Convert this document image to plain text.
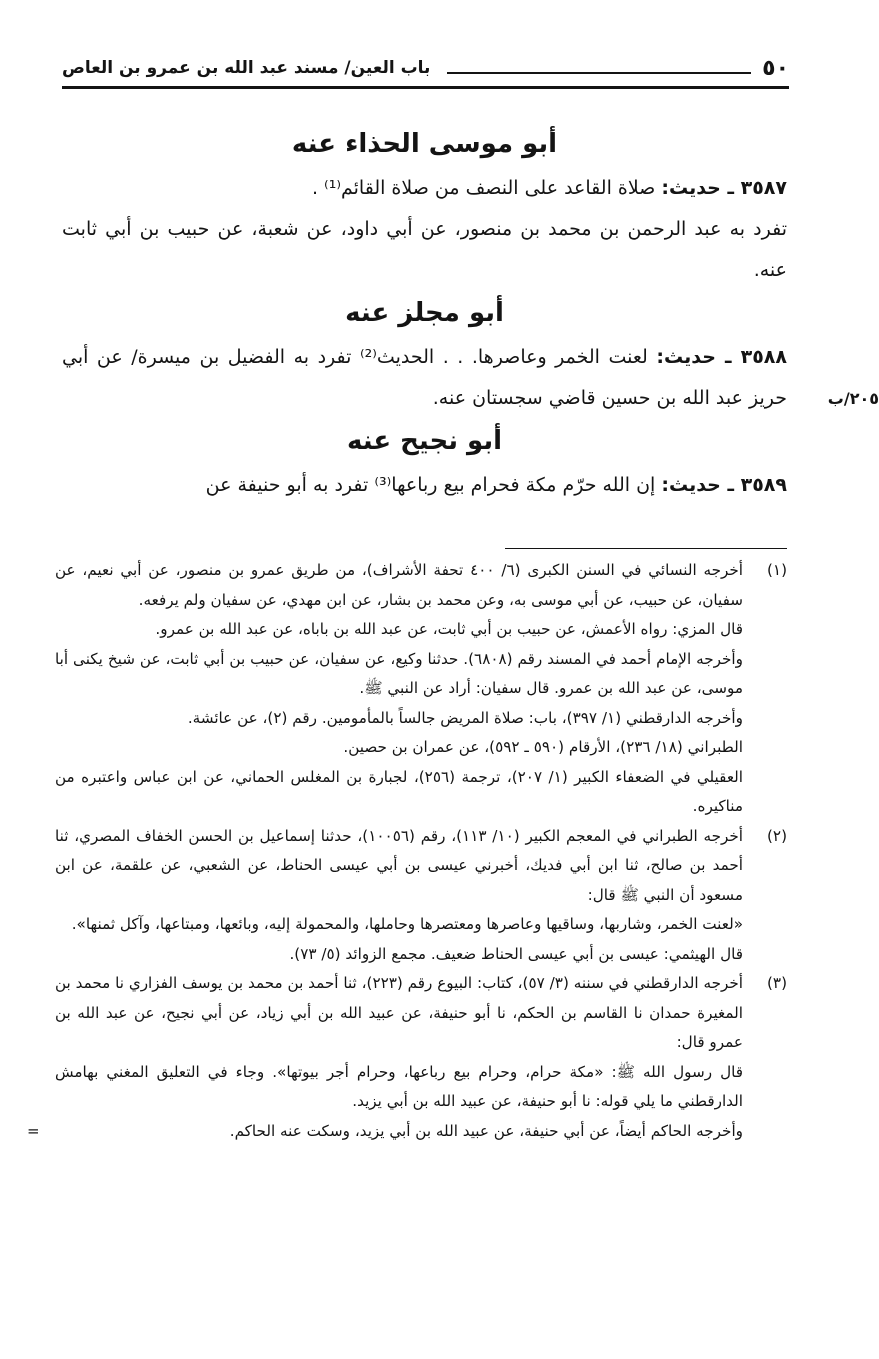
٥٠
باب العين/ مسند عبد الله بن عمرو بن العاص
أبو موسى الحذاء عنه

٣٥٨٧ ـ حديث: صلاة القاعد على النصف من صلاة القائم⁽¹⁾ .

تفرد به عبد الرحمن بن محمد بن منصور، عن أبي داود، عن شعبة، عن حبيب بن أبي ثابت عنه.

أبو مجلز عنه

٢٠٥/ب
٣٥٨٨ ـ حديث: لعنت الخمر وعاصرها. . . الحديث⁽²⁾ تفرد به الفضيل بن ميسرة/ عن أبي حريز عبد الله بن حسين قاضي سجستان عنه.

أبو نجيح عنه

٣٥٨٩ ـ حديث: إن الله حرّم مكة فحرام بيع رباعها⁽³⁾ تفرد به أبو حنيفة عن

(١)

أخرجه النسائي في السنن الكبرى (٦/ ٤٠٠ تحفة الأشراف)، من طريق عمرو بن منصور، عن أبي نعيم، عن سفيان، عن حبيب، عن أبي موسى به، وعن محمد بن بشار، عن ابن مهدي، عن سفيان ولم يرفعه.

قال المزي: رواه الأعمش، عن حبيب بن أبي ثابت، عن عبد الله بن باباه، عن عبد الله بن عمرو.

وأخرجه الإمام أحمد في المسند رقم (٦٨٠٨). حدثنا وكيع، عن سفيان، عن حبيب بن أبي ثابت، عن شيخ يكنى أبا موسى، عن عبد الله بن عمرو. قال سفيان: أراد عن النبي ﷺ.

وأخرجه الدارقطني (١/ ٣٩٧)، باب: صلاة المريض جالساً بالمأمومين. رقم (٢)، عن عائشة.

الطبراني (١٨/ ٢٣٦)، الأرقام (٥٩٠ ـ ٥٩٢)، عن عمران بن حصين.

العقيلي في الضعفاء الكبير (١/ ٢٠٧)، ترجمة (٢٥٦)، لجبارة بن المغلس الحماني، عن ابن عباس واعتبره من مناكيره.

(٢)

أخرجه الطبراني في المعجم الكبير (١٠/ ١١٣)، رقم (١٠٠٥٦)، حدثنا إسماعيل بن الحسن الخفاف المصري، ثنا أحمد بن صالح، ثنا ابن أبي فديك، أخبرني عيسى بن أبي عيسى الحناط، عن الشعبي، عن علقمة، عن ابن مسعود أن النبي ﷺ قال:

«لعنت الخمر، وشاربها، وساقيها وعاصرها ومعتصرها وحاملها، والمحمولة إليه، وبائعها، ومبتاعها، وآكل ثمنها».

قال الهيثمي: عيسى بن أبي عيسى الحناط ضعيف. مجمع الزوائد (٥/ ٧٣).

(٣)

أخرجه الدارقطني في سننه (٣/ ٥٧)، كتاب: البيوع رقم (٢٢٣)، ثنا أحمد بن محمد بن يوسف الفزاري نا محمد بن المغيرة حمدان نا القاسم بن الحكم، نا أبو حنيفة، عن عبيد الله بن أبي زياد، عن أبي نجيح، عن عبد الله بن عمرو قال:

قال رسول الله ﷺ: «مكة حرام، وحرام بيع رباعها، وحرام أجر بيوتها». وجاء في التعليق المغني بهامش الدارقطني ما يلي قوله: نا أبو حنيفة، عن عبيد الله بن أبي يزيد.

وأخرجه الحاكم أيضاً، عن أبي حنيفة، عن عبيد الله بن أبي يزيد، وسكت عنه الحاكم.
=
